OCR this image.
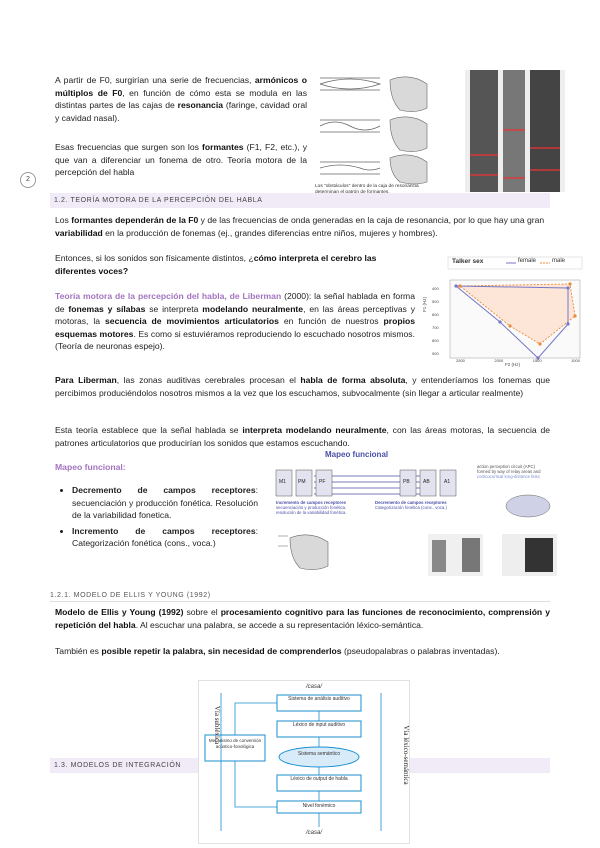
2
A partir de F0, surgirían una serie de frecuencias, armónicos o múltiplos de F0, en función de cómo esta se modula en las distintas partes de las cajas de resonancia (faringe, cavidad oral y cavidad nasal).
Esas frecuencias que surgen son los formantes (F1, F2, etc.), y que van a diferenciar un fonema de otro. Teoría motora de la percepción del habla
Los "obstáculos" dentro de la caja de resonancia
1.2. TEORÍA MOTORA DE LA PERCEPCIÓN DEL HABLA
Los formantes dependerán de la F0 y de las frecuencias de onda generadas en la caja de resonancia, por lo que hay una gran variabilidad en la producción de fonemas (ej., grandes diferencias entre niños, mujeres y hombres).
Entonces, si los sonidos son físicamente distintos, ¿cómo interpreta el cerebro las diferentes voces?
Teoría motora de la percepción del habla, de Liberman (2000): la señal hablada en forma de fonemas y sílabas se interpreta modelando neuralmente, en las áreas perceptivas y motoras, la secuencia de movimientos articulatorios en función de nuestros propios esquemas motores. Es como si estuviéramos reproduciendo lo escuchado nosotros mismos. (Teoría de neuronas espejo).
Talker sex	female	male
F1 (Hz)
F2 (Hz)
400
500
600
700
800
900
2500	2000	1500	1000
Para Liberman, las zonas auditivas cerebrales procesan el habla de forma absoluta, y entenderíamos los fonemas que percibimos produciéndolos nosotros mismos a la vez que los escuchamos, subvocalmente (sin llegar a articular realmente)
Esta teoría establece que la señal hablada se interpreta modelando neuralmente, con las áreas motoras, la secuencia de patrones articulatorios que producirían los sonidos que estamos escuchando.
Mapeo funcional:
• Decremento de campos receptores: secuenciación y producción fonética. Resolución de la variabilidad fonetica.
• Incremento de campos receptores: Categorización fonética (cons., voca.)
Mapeo funcional
M1 PM	PF	PB	AB	A1
Incremento de campos receptores
secuenciación y producción fonética.
resolución de la variabilidad fonética.
Decremento de campos receptores
Categorización fonética (cons., voca.)
action perception circuit (APC)
formed by way of relay areas and
corticocortical long-distance links
1.2.1. MODELO DE ELLIS Y YOUNG (1992)
Modelo de Ellis y Young (1992) sobre el procesamiento cognitivo para las funciones de reconocimiento, comprensión y repetición del habla. Al escuchar una palabra, se accede a su representación léxico-semántica.
También es posible repetir la palabra, sin necesidad de comprenderlos (pseudopalabras o palabras inventadas).
1.3. MODELOS DE INTEGRACIÓN
/casa/
Sistema de análisis auditivo
Léxico de input auditivo
Sistema semántico
Léxico de output de habla
Nivel fonémico
/casa/
Mecanismo de conversión acústico-fonológica
Vía subléxica
Vía léxico-semántica
